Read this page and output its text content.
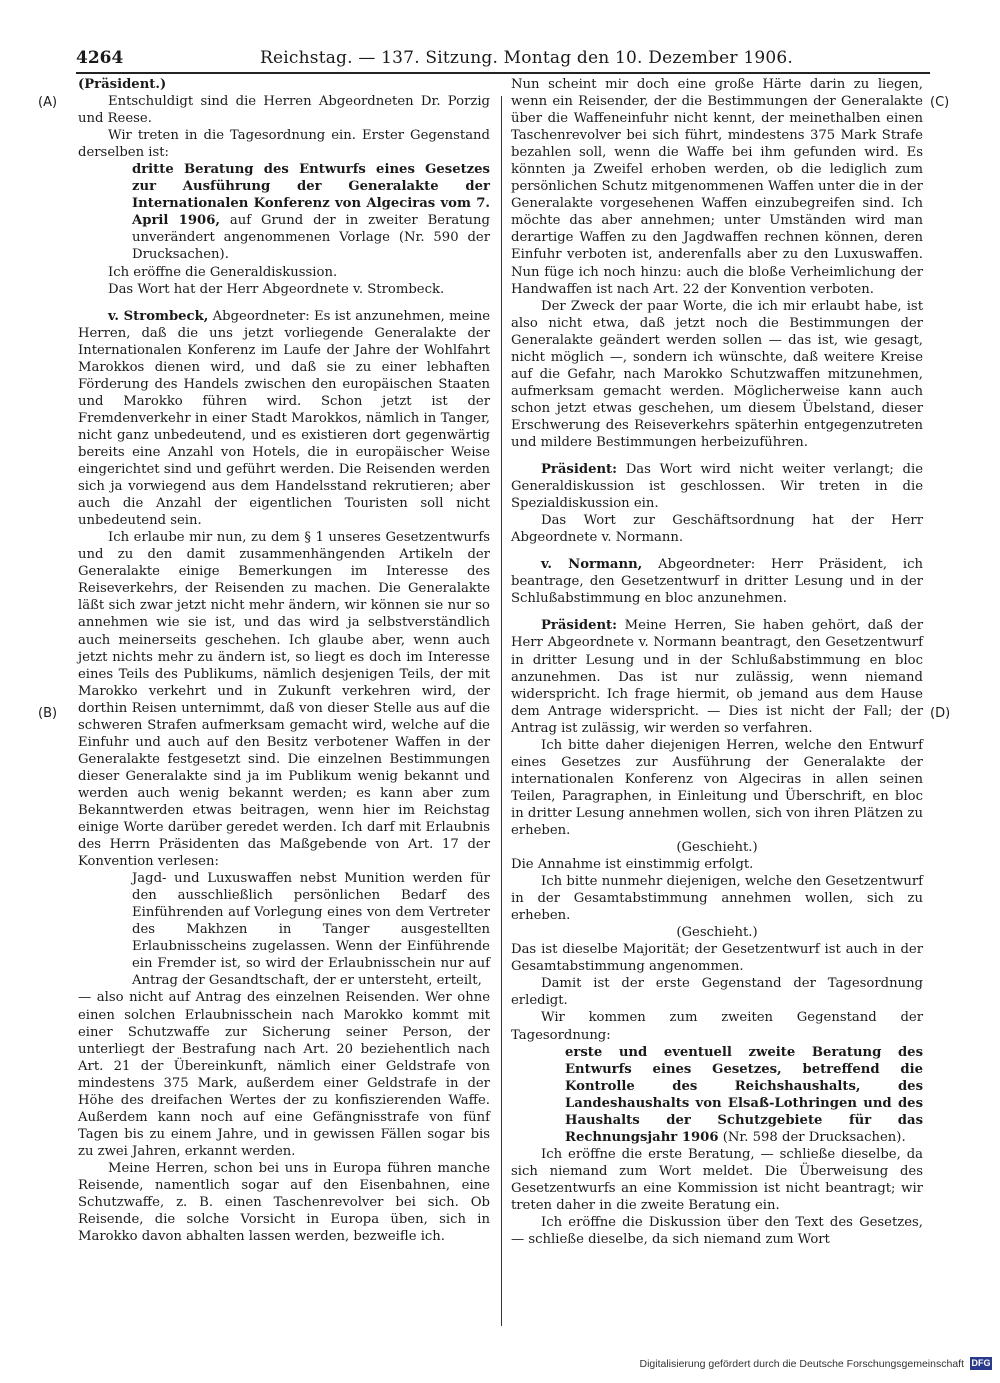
4264	Reichstag. — 137. Sitzung. Montag den 10. Dezember 1906.
(A)
(B)
(C)
(D)

(Präsident.)

Entschuldigt sind die Herren Abgeordneten Dr. Porzig und Reese.

Wir treten in die Tagesordnung ein. Erster Gegenstand derselben ist:

dritte Beratung des Entwurfs eines Gesetzes zur Ausführung der Generalakte der Internationalen Konferenz von Algeciras vom 7. April 1906, auf Grund der in zweiter Beratung unverändert angenommenen Vorlage (Nr. 590 der Drucksachen).

Ich eröffne die Generaldiskussion.

Das Wort hat der Herr Abgeordnete v. Strombeck.

v. Strombeck, Abgeordneter: Es ist anzunehmen, meine Herren, daß die uns jetzt vorliegende Generalakte der Internationalen Konferenz im Laufe der Jahre der Wohlfahrt Marokkos dienen wird, und daß sie zu einer lebhaften Förderung des Handels zwischen den europäischen Staaten und Marokko führen wird. Schon jetzt ist der Fremdenverkehr in einer Stadt Marokkos, nämlich in Tanger, nicht ganz unbedeutend, und es existieren dort gegenwärtig bereits eine Anzahl von Hotels, die in europäischer Weise eingerichtet sind und geführt werden. Die Reisenden werden sich ja vorwiegend aus dem Handelsstand rekrutieren; aber auch die Anzahl der eigentlichen Touristen soll nicht unbedeutend sein.

Ich erlaube mir nun, zu dem § 1 unseres Gesetzentwurfs und zu den damit zusammenhängenden Artikeln der Generalakte einige Bemerkungen im Interesse des Reiseverkehrs, der Reisenden zu machen. Die Generalakte läßt sich zwar jetzt nicht mehr ändern, wir können sie nur so annehmen wie sie ist, und das wird ja selbstverständlich auch meinerseits geschehen. Ich glaube aber, wenn auch jetzt nichts mehr zu ändern ist, so liegt es doch im Interesse eines Teils des Publikums, nämlich desjenigen Teils, der mit Marokko verkehrt und in Zukunft verkehren wird, der dorthin Reisen unternimmt, daß von dieser Stelle aus auf die schweren Strafen aufmerksam gemacht wird, welche auf die Einfuhr und auch auf den Besitz verbotener Waffen in der Generalakte festgesetzt sind. Die einzelnen Bestimmungen dieser Generalakte sind ja im Publikum wenig bekannt und werden auch wenig bekannt werden; es kann aber zum Bekanntwerden etwas beitragen, wenn hier im Reichstag einige Worte darüber geredet werden. Ich darf mit Erlaubnis des Herrn Präsidenten das Maßgebende von Art. 17 der Konvention verlesen:

Jagd- und Luxuswaffen nebst Munition werden für den ausschließlich persönlichen Bedarf des Einführenden auf Vorlegung eines von dem Vertreter des Makhzen in Tanger ausgestellten Erlaubnisscheins zugelassen. Wenn der Einführende ein Fremder ist, so wird der Erlaubnisschein nur auf Antrag der Gesandtschaft, der er untersteht, erteilt,

— also nicht auf Antrag des einzelnen Reisenden. Wer ohne einen solchen Erlaubnisschein nach Marokko kommt mit einer Schutzwaffe zur Sicherung seiner Person, der unterliegt der Bestrafung nach Art. 20 beziehentlich nach Art. 21 der Übereinkunft, nämlich einer Geldstrafe von mindestens 375 Mark, außerdem einer Geldstrafe in der Höhe des dreifachen Wertes der zu konfiszierenden Waffe. Außerdem kann noch auf eine Gefängnisstrafe von fünf Tagen bis zu einem Jahre, und in gewissen Fällen sogar bis zu zwei Jahren, erkannt werden.

Meine Herren, schon bei uns in Europa führen manche Reisende, namentlich sogar auf den Eisenbahnen, eine Schutzwaffe, z. B. einen Taschenrevolver bei sich. Ob Reisende, die solche Vorsicht in Europa üben, sich in Marokko davon abhalten lassen werden, bezweifle ich.

Nun scheint mir doch eine große Härte darin zu liegen, wenn ein Reisender, der die Bestimmungen der Generalakte über die Waffeneinfuhr nicht kennt, der meinethalben einen Taschenrevolver bei sich führt, mindestens 375 Mark Strafe bezahlen soll, wenn die Waffe bei ihm gefunden wird. Es könnten ja Zweifel erhoben werden, ob die lediglich zum persönlichen Schutz mitgenommenen Waffen unter die in der Generalakte vorgesehenen Waffen einzubegreifen sind. Ich möchte das aber annehmen; unter Umständen wird man derartige Waffen zu den Jagdwaffen rechnen können, deren Einfuhr verboten ist, anderenfalls aber zu den Luxuswaffen. Nun füge ich noch hinzu: auch die bloße Verheimlichung der Handwaffen ist nach Art. 22 der Konvention verboten.

Der Zweck der paar Worte, die ich mir erlaubt habe, ist also nicht etwa, daß jetzt noch die Bestimmungen der Generalakte geändert werden sollen — das ist, wie gesagt, nicht möglich —, sondern ich wünschte, daß weitere Kreise auf die Gefahr, nach Marokko Schutzwaffen mitzunehmen, aufmerksam gemacht werden. Möglicherweise kann auch schon jetzt etwas geschehen, um diesem Übelstand, dieser Erschwerung des Reiseverkehrs späterhin entgegenzutreten und mildere Bestimmungen herbeizuführen.

Präsident: Das Wort wird nicht weiter verlangt; die Generaldiskussion ist geschlossen. Wir treten in die Spezialdiskussion ein.

Das Wort zur Geschäftsordnung hat der Herr Abgeordnete v. Normann.

v. Normann, Abgeordneter: Herr Präsident, ich beantrage, den Gesetzentwurf in dritter Lesung und in der Schlußabstimmung en bloc anzunehmen.

Präsident: Meine Herren, Sie haben gehört, daß der Herr Abgeordnete v. Normann beantragt, den Gesetzentwurf in dritter Lesung und in der Schlußabstimmung en bloc anzunehmen. Das ist nur zulässig, wenn niemand widerspricht. Ich frage hiermit, ob jemand aus dem Hause dem Antrage widerspricht. — Dies ist nicht der Fall; der Antrag ist zulässig, wir werden so verfahren.

Ich bitte daher diejenigen Herren, welche den Entwurf eines Gesetzes zur Ausführung der Generalakte der internationalen Konferenz von Algeciras in allen seinen Teilen, Paragraphen, in Einleitung und Überschrift, en bloc in dritter Lesung annehmen wollen, sich von ihren Plätzen zu erheben.

(Geschieht.)

Die Annahme ist einstimmig erfolgt.

Ich bitte nunmehr diejenigen, welche den Gesetzentwurf in der Gesamtabstimmung annehmen wollen, sich zu erheben.

(Geschieht.)

Das ist dieselbe Majorität; der Gesetzentwurf ist auch in der Gesamtabstimmung angenommen.

Damit ist der erste Gegenstand der Tagesordnung erledigt.

Wir kommen zum zweiten Gegenstand der Tagesordnung:

erste und eventuell zweite Beratung des Entwurfs eines Gesetzes, betreffend die Kontrolle des Reichshaushalts, des Landeshaushalts von Elsaß-Lothringen und des Haushalts der Schutzgebiete für das Rechnungsjahr 1906 (Nr. 598 der Drucksachen).

Ich eröffne die erste Beratung, — schließe dieselbe, da sich niemand zum Wort meldet. Die Überweisung des Gesetzentwurfs an eine Kommission ist nicht beantragt; wir treten daher in die zweite Beratung ein.

Ich eröffne die Diskussion über den Text des Gesetzes, — schließe dieselbe, da sich niemand zum Wort

Digitalisierung gefördert durch die Deutsche Forschungsgemeinschaft DFG
